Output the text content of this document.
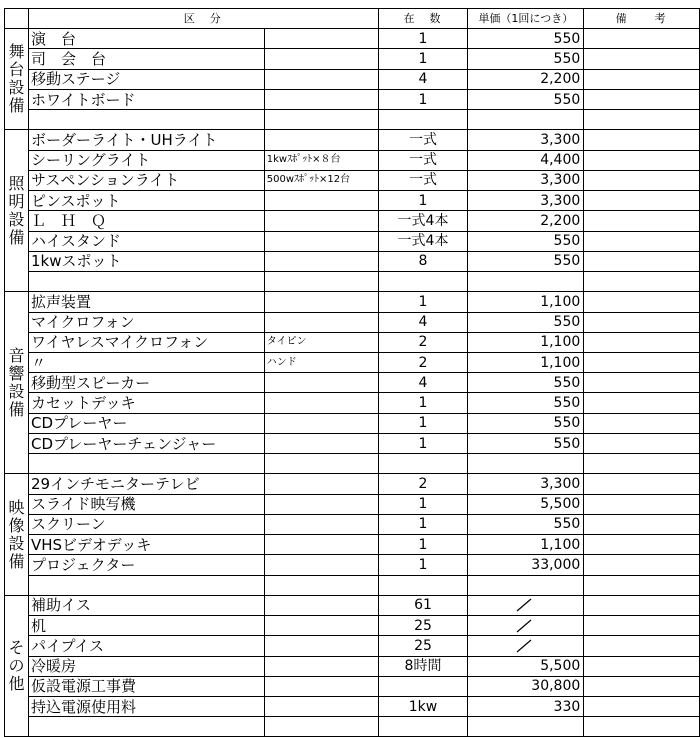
	区　分		在　数	単価（1回につき）	備　　考

舞台設備	演　台		1	550	
	司　会　台		1	550	
	移動ステージ		4	2,200	
	ホワイトボード		1	550	

照明設備	ボーダーライト・UHライト		一式	3,300	
	シーリングライト	1kwｽﾎﾟｯﾄ×８台	一式	4,400	
	サスペンションライト	500wｽﾎﾟｯﾄ×12台	一式	3,300	
	ピンスポット		1	3,300	
	Ｌ　Ｈ　Ｑ		一式4本	2,200	
	ハイスタンド		一式4本	550	
	1kwスポット		8	550	

音響設備	拡声装置		1	1,100	
	マイクロフォン		4	550	
	ワイヤレスマイクロフォン	タイピン	2	1,100	
	〃	ハンド	2	1,100	
	移動型スピーカー		4	550	
	カセットデッキ		1	550	
	CDプレーヤー		1	550	
	CDプレーヤーチェンジャー		1	550	

映像設備	29インチモニターテレビ		2	3,300	
	スライド映写機		1	5,500	
	スクリーン		1	550	
	VHSビデオデッキ		1	1,100	
	プロジェクター		1	33,000	

その他	補助イス		61	

	机		25	

	パイプイス		25	

	冷暖房		8時間	5,500	
	仮設電源工事費			30,800	
	持込電源使用料		1kw	330	
